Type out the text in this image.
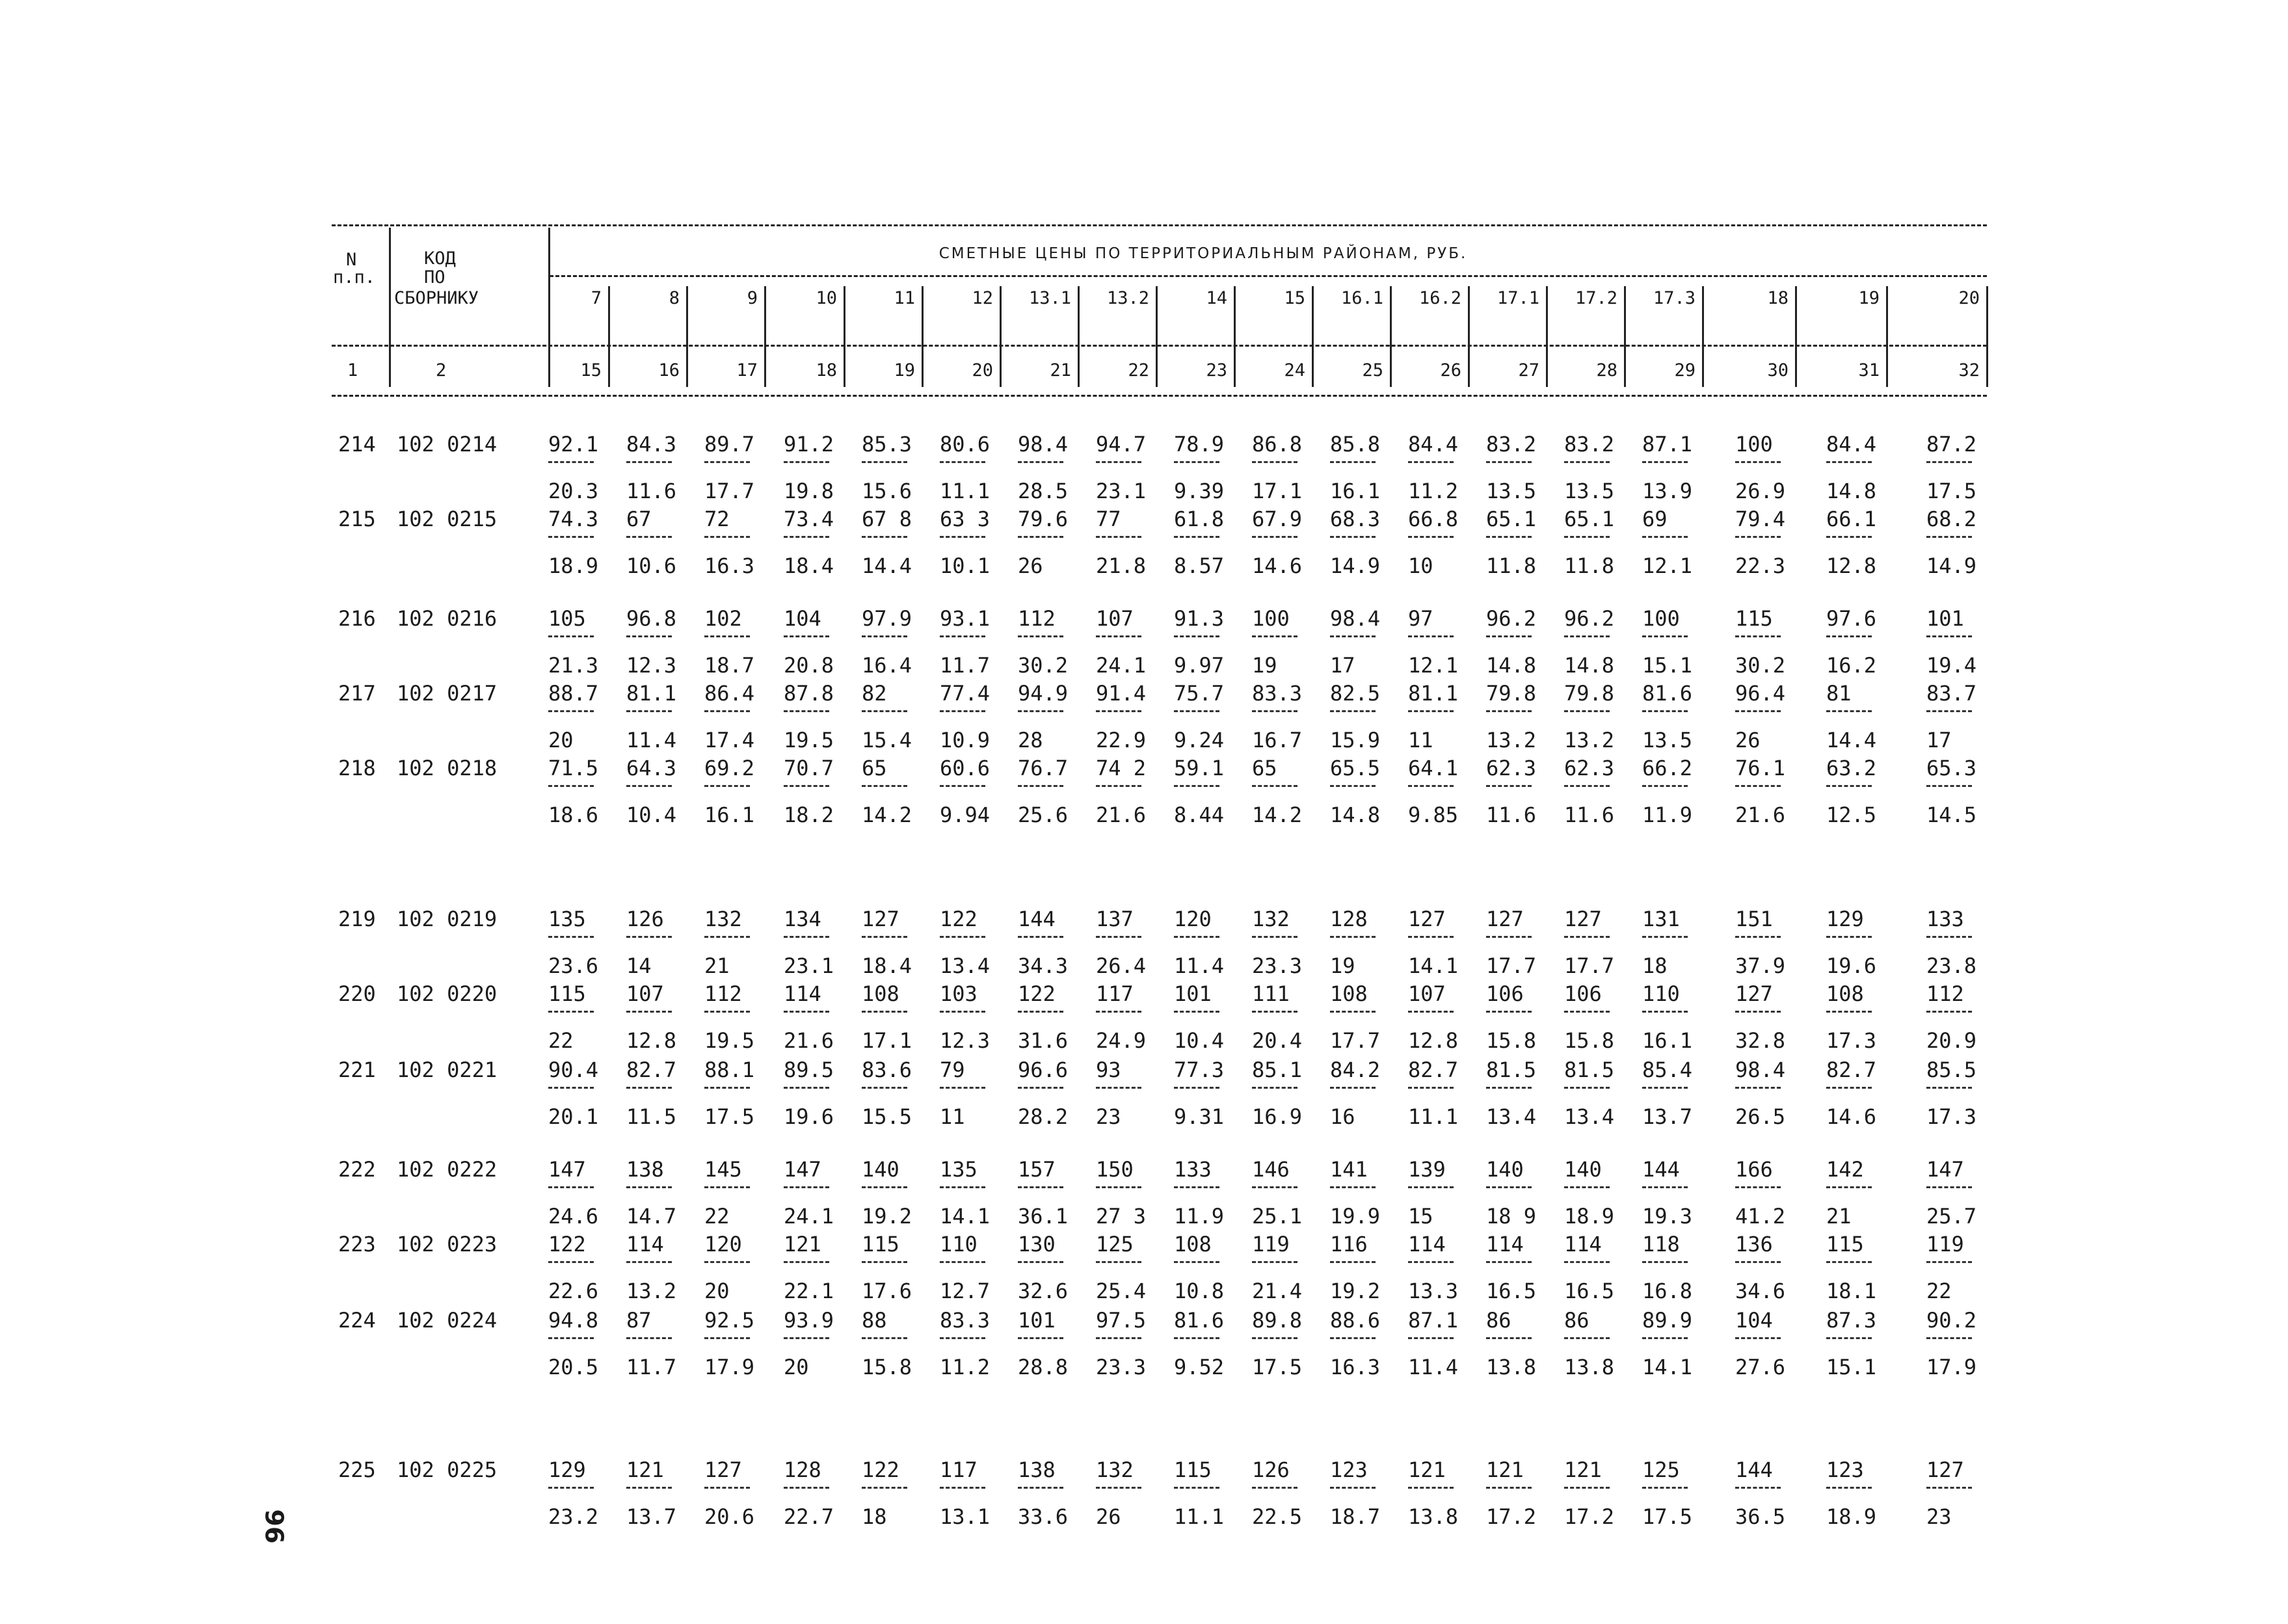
N
п.п.
КОД
ПО
СБОРНИКУ
1	2
СМЕТНЫЕ ЦЕНЫ ПО ТЕРРИТОРИАЛЬНЫМ РАЙОНАМ, РУБ.
7
15
8
16
9
17
10
18
11
19
12
20
13.1
21
13.2
22
14
23
15
24
16.1
25
16.2
26
17.1
27
17.2
28
17.3
29
18
30
19
31
20
32
214 102 0214 92.1
20.3
84.3
11.6
89.7
17.7
91.2
19.8
85.3
15.6
80.6
11.1
98.4
28.5
94.7
23.1
78.9
9.39
86.8
17.1
85.8
16.1
84.4
11.2
83.2
13.5
83.2
13.5
87.1
13.9
100
26.9
84.4
14.8
87.2
17.5
215 102 0215 74.3
18.9
67
10.6
72
16.3
73.4
18.4
67 8
14.4
63 3
10.1
79.6
26
77
21.8
61.8
8.57
67.9
14.6
68.3
14.9
66.8
10
65.1
11.8
65.1
11.8
69
12.1
79.4
22.3
66.1
12.8
68.2
14.9
216 102 0216 105
21.3
96.8
12.3
102
18.7
104
20.8
97.9
16.4
93.1
11.7
112
30.2
107
24.1
91.3
9.97
100
19
98.4
17
97
12.1
96.2
14.8
96.2
14.8
100
15.1
115
30.2
97.6
16.2
101
19.4
217 102 0217 88.7
20
81.1
11.4
86.4
17.4
87.8
19.5
82
15.4
77.4
10.9
94.9
28
91.4
22.9
75.7
9.24
83.3
16.7
82.5
15.9
81.1
11
79.8
13.2
79.8
13.2
81.6
13.5
96.4
26
81
14.4
83.7
17
218 102 0218 71.5
18.6
64.3
10.4
69.2
16.1
70.7
18.2
65
14.2
60.6
9.94
76.7
25.6
74 2
21.6
59.1
8.44
65
14.2
65.5
14.8
64.1
9.85
62.3
11.6
62.3
11.6
66.2
11.9
76.1
21.6
63.2
12.5
65.3
14.5
219 102 0219 135
23.6
126
14
132
21
134
23.1
127
18.4
122
13.4
144
34.3
137
26.4
120
11.4
132
23.3
128
19
127
14.1
127
17.7
127
17.7
131
18
151
37.9
129
19.6
133
23.8
220 102 0220 115
22
107
12.8
112
19.5
114
21.6
108
17.1
103
12.3
122
31.6
117
24.9
101
10.4
111
20.4
108
17.7
107
12.8
106
15.8
106
15.8
110
16.1
127
32.8
108
17.3
112
20.9
221 102 0221 90.4
20.1
82.7
11.5
88.1
17.5
89.5
19.6
83.6
15.5
79
11
96.6
28.2
93
23
77.3
9.31
85.1
16.9
84.2
16
82.7
11.1
81.5
13.4
81.5
13.4
85.4
13.7
98.4
26.5
82.7
14.6
85.5
17.3
222 102 0222 147
24.6
138
14.7
145
22
147
24.1
140
19.2
135
14.1
157
36.1
150
27 3
133
11.9
146
25.1
141
19.9
139
15
140
18 9
140
18.9
144
19.3
166
41.2
142
21
147
25.7
223 102 0223 122
22.6
114
13.2
120
20
121
22.1
115
17.6
110
12.7
130
32.6
125
25.4
108
10.8
119
21.4
116
19.2
114
13.3
114
16.5
114
16.5
118
16.8
136
34.6
115
18.1
119
22
224 102 0224 94.8
20.5
87
11.7
92.5
17.9
93.9
20
88
15.8
83.3
11.2
101
28.8
97.5
23.3
81.6
9.52
89.8
17.5
88.6
16.3
87.1
11.4
86
13.8
86
13.8
89.9
14.1
104
27.6
87.3
15.1
90.2
17.9
225 102 0225 129
23.2
121
13.7
127
20.6
128
22.7
122
18
117
13.1
138
33.6
132
26
115
11.1
126
22.5
123
18.7
121
13.8
121
17.2
121
17.2
125
17.5
144
36.5
123
18.9
127
23
96
